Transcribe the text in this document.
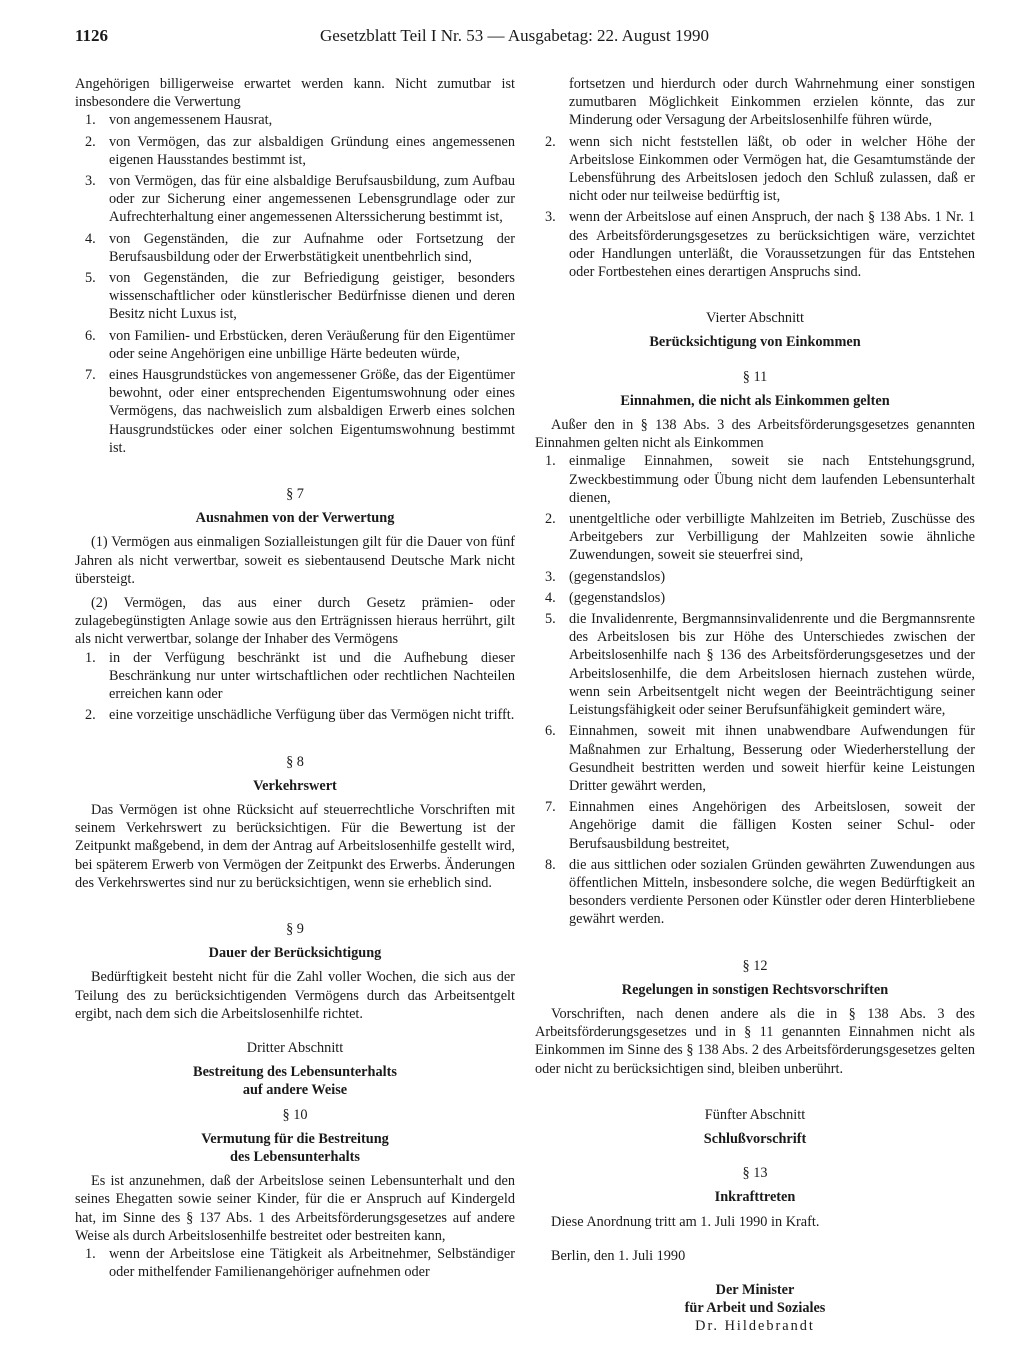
1126	Gesetzblatt Teil I Nr. 53 — Ausgabetag: 22. August 1990

Angehörigen billigerweise erwartet werden kann. Nicht zumutbar ist insbesondere die Verwertung

1. von angemessenem Hausrat,
2. von Vermögen, das zur alsbaldigen Gründung eines angemessenen eigenen Hausstandes bestimmt ist,
3. von Vermögen, das für eine alsbaldige Berufsausbildung, zum Aufbau oder zur Sicherung einer angemessenen Lebensgrundlage oder zur Aufrechterhaltung einer angemessenen Alterssicherung bestimmt ist,
4. von Gegenständen, die zur Aufnahme oder Fortsetzung der Berufsausbildung oder der Erwerbstätigkeit unentbehrlich sind,
5. von Gegenständen, die zur Befriedigung geistiger, besonders wissenschaftlicher oder künstlerischer Bedürfnisse dienen und deren Besitz nicht Luxus ist,
6. von Familien- und Erbstücken, deren Veräußerung für den Eigentümer oder seine Angehörigen eine unbillige Härte bedeuten würde,
7. eines Hausgrundstückes von angemessener Größe, das der Eigentümer bewohnt, oder einer entsprechenden Eigentumswohnung oder eines Vermögens, das nachweislich zum alsbaldigen Erwerb eines solchen Hausgrundstückes oder einer solchen Eigentumswohnung bestimmt ist.
§ 7
Ausnahmen von der Verwertung

(1) Vermögen aus einmaligen Sozialleistungen gilt für die Dauer von fünf Jahren als nicht verwertbar, soweit es siebentausend Deutsche Mark nicht übersteigt.

(2) Vermögen, das aus einer durch Gesetz prämien- oder zulagebegünstigten Anlage sowie aus den Erträgnissen hieraus herrührt, gilt als nicht verwertbar, solange der Inhaber des Vermögens

1. in der Verfügung beschränkt ist und die Aufhebung dieser Beschränkung nur unter wirtschaftlichen oder rechtlichen Nachteilen erreichen kann oder
2. eine vorzeitige unschädliche Verfügung über das Vermögen nicht trifft.
§ 8
Verkehrswert

Das Vermögen ist ohne Rücksicht auf steuerrechtliche Vorschriften mit seinem Verkehrswert zu berücksichtigen. Für die Bewertung ist der Zeitpunkt maßgebend, in dem der Antrag auf Arbeitslosenhilfe gestellt wird, bei späterem Erwerb von Vermögen der Zeitpunkt des Erwerbs. Änderungen des Verkehrswertes sind nur zu berücksichtigen, wenn sie erheblich sind.

§ 9
Dauer der Berücksichtigung

Bedürftigkeit besteht nicht für die Zahl voller Wochen, die sich aus der Teilung des zu berücksichtigenden Vermögens durch das Arbeitsentgelt ergibt, nach dem sich die Arbeitslosenhilfe richtet.

Dritter Abschnitt
Bestreitung des Lebensunterhalts
auf andere Weise
§ 10
Vermutung für die Bestreitung
des Lebensunterhalts

Es ist anzunehmen, daß der Arbeitslose seinen Lebensunterhalt und den seines Ehegatten sowie seiner Kinder, für die er Anspruch auf Kindergeld hat, im Sinne des § 137 Abs. 1 des Arbeitsförderungsgesetzes auf andere Weise als durch Arbeitslosenhilfe bestreitet oder bestreiten kann,

1. wenn der Arbeitslose eine Tätigkeit als Arbeitnehmer, Selbständiger oder mithelfender Familienangehöriger aufnehmen oder

fortsetzen und hierdurch oder durch Wahrnehmung einer sonstigen zumutbaren Möglichkeit Einkommen erzielen könnte, das zur Minderung oder Versagung der Arbeitslosenhilfe führen würde,

2. wenn sich nicht feststellen läßt, ob oder in welcher Höhe der Arbeitslose Einkommen oder Vermögen hat, die Gesamtumstände der Lebensführung des Arbeitslosen jedoch den Schluß zulassen, daß er nicht oder nur teilweise bedürftig ist,
3. wenn der Arbeitslose auf einen Anspruch, der nach § 138 Abs. 1 Nr. 1 des Arbeitsförderungsgesetzes zu berücksichtigen wäre, verzichtet oder Handlungen unterläßt, die Voraussetzungen für das Entstehen oder Fortbestehen eines derartigen Anspruchs sind.
Vierter Abschnitt
Berücksichtigung von Einkommen
§ 11
Einnahmen, die nicht als Einkommen gelten

Außer den in § 138 Abs. 3 des Arbeitsförderungsgesetzes genannten Einnahmen gelten nicht als Einkommen

1. einmalige Einnahmen, soweit sie nach Entstehungsgrund, Zweckbestimmung oder Übung nicht dem laufenden Lebensunterhalt dienen,
2. unentgeltliche oder verbilligte Mahlzeiten im Betrieb, Zuschüsse des Arbeitgebers zur Verbilligung der Mahlzeiten sowie ähnliche Zuwendungen, soweit sie steuerfrei sind,
3. (gegenstandslos)
4. (gegenstandslos)
5. die Invalidenrente, Bergmannsinvalidenrente und die Bergmannsrente des Arbeitslosen bis zur Höhe des Unterschiedes zwischen der Arbeitslosenhilfe nach § 136 des Arbeitsförderungsgesetzes und der Arbeitslosenhilfe, die dem Arbeitslosen hiernach zustehen würde, wenn sein Arbeitsentgelt nicht wegen der Beeinträchtigung seiner Leistungsfähigkeit oder seiner Berufsunfähigkeit gemindert wäre,
6. Einnahmen, soweit mit ihnen unabwendbare Aufwendungen für Maßnahmen zur Erhaltung, Besserung oder Wiederherstellung der Gesundheit bestritten werden und soweit hierfür keine Leistungen Dritter gewährt werden,
7. Einnahmen eines Angehörigen des Arbeitslosen, soweit der Angehörige damit die fälligen Kosten seiner Schul- oder Berufsausbildung bestreitet,
8. die aus sittlichen oder sozialen Gründen gewährten Zuwendungen aus öffentlichen Mitteln, insbesondere solche, die wegen Bedürftigkeit an besonders verdiente Personen oder Künstler oder deren Hinterbliebene gewährt werden.
§ 12
Regelungen in sonstigen Rechtsvorschriften

Vorschriften, nach denen andere als die in § 138 Abs. 3 des Arbeitsförderungsgesetzes und in § 11 genannten Einnahmen nicht als Einkommen im Sinne des § 138 Abs. 2 des Arbeitsförderungsgesetzes gelten oder nicht zu berücksichtigen sind, bleiben unberührt.

Fünfter Abschnitt
Schlußvorschrift
§ 13
Inkrafttreten

Diese Anordnung tritt am 1. Juli 1990 in Kraft.

Berlin, den 1. Juli 1990

Der Minister
für Arbeit und Soziales
Dr. Hildebrandt
